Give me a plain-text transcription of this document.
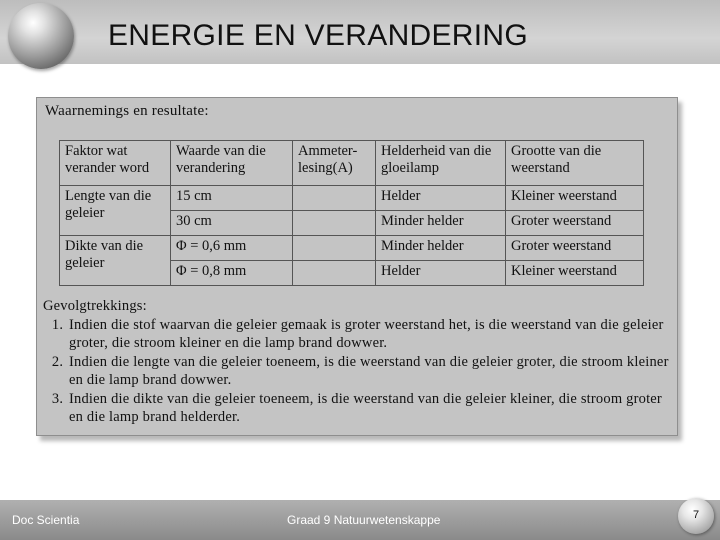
ENERGIE EN VERANDERING
Waarnemings en resultate:
Faktor wat verander word	Waarde van die verandering	Ammeter-lesing(A)	Helderheid van die gloeilamp	Grootte van die weerstand
Lengte van die geleier	15 cm		Helder	Kleiner weerstand
	30 cm		Minder helder	Groter weerstand
Dikte van die geleier	Φ = 0,6 mm		Minder helder	Groter weerstand
	Φ = 0,8 mm		Helder	Kleiner weerstand

Gevolgtrekkings:

1. Indien die stof waarvan die geleier gemaak is groter weerstand het, is die weerstand van die geleier groter, die stroom kleiner en die lamp brand dowwer.
2. Indien die lengte van die geleier toeneem, is die weerstand van die geleier groter, die stroom kleiner en die lamp brand dowwer.
3. Indien die dikte van die geleier toeneem, is die weerstand van die geleier kleiner, die stroom groter en die lamp brand helderder.
Doc Scientia	Graad 9 Natuurwetenskappe	7
